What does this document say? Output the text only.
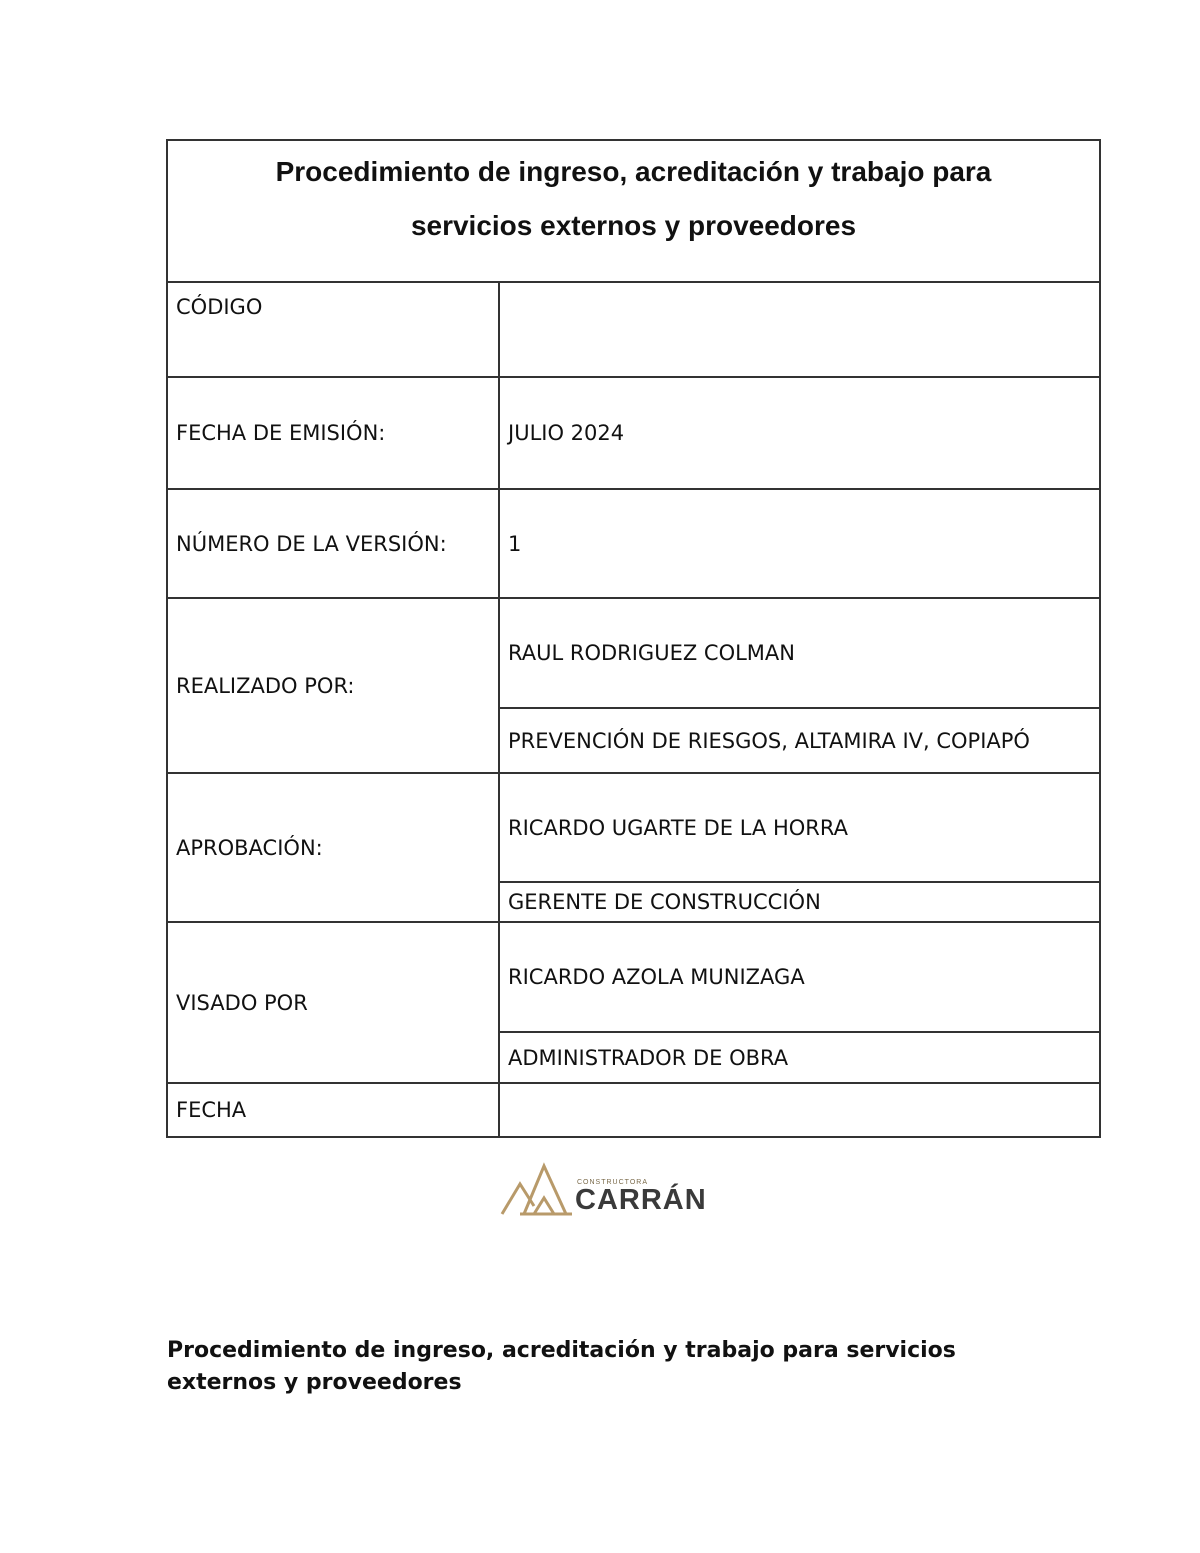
Procedimiento de ingreso, acreditación y trabajo para
servicios externos y proveedores	

CÓDIGO	
FECHA DE EMISIÓN:	JULIO 2024
NÚMERO DE LA VERSIÓN:	1
REALIZADO POR:	RAUL RODRIGUEZ COLMAN
	PREVENCIÓN DE RIESGOS, ALTAMIRA IV, COPIAPÓ
APROBACIÓN:	RICARDO UGARTE DE LA HORRA
	GERENTE DE CONSTRUCCIÓN
VISADO POR	RICARDO AZOLA MUNIZAGA
	ADMINISTRADOR DE OBRA
FECHA	
CONSTRUCTORA
CARRÁN
Procedimiento de ingreso, acreditación y trabajo para servicios externos y proveedores
